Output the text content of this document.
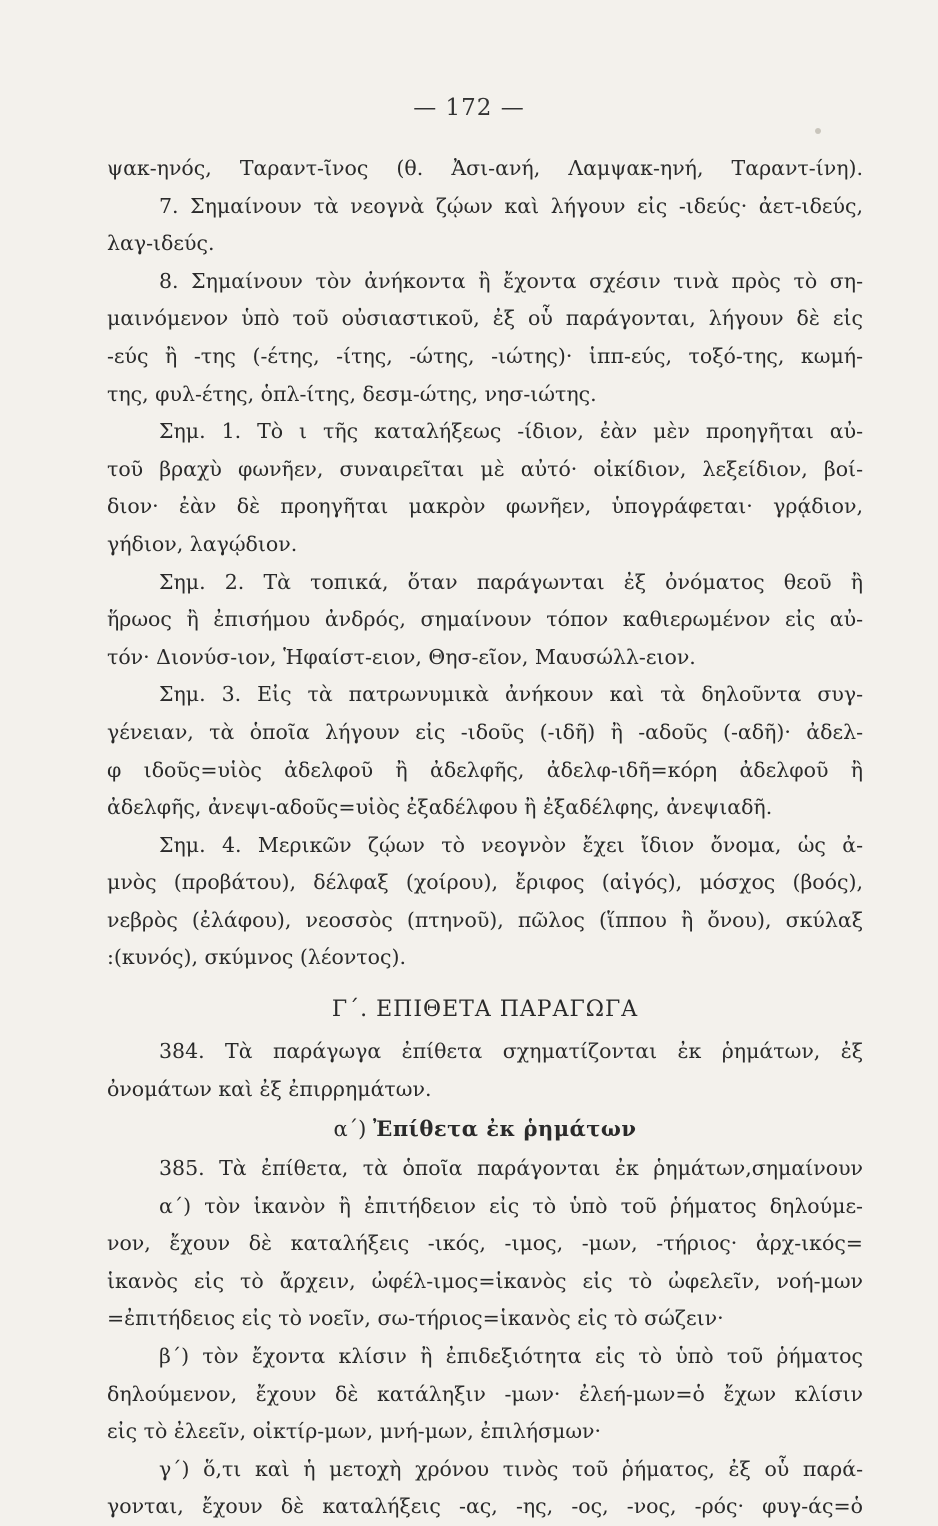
— 172 —
ψακ-ηνός, Ταραντ-ῖνος (θ. Ἀσι-ανή, Λαμψακ-ηνή, Ταραντ-ίνη).
7. Σημαίνουν τὰ νεογνὰ ζῴων καὶ λήγουν εἰς -ιδεύς· ἀετ-ιδεύς,
λαγ-ιδεύς.
8. Σημαίνουν τὸν ἀνήκοντα ἢ ἔχοντα σχέσιν τινὰ πρὸς τὸ ση-
μαινόμενον ὑπὸ τοῦ οὐσιαστικοῦ, ἐξ οὗ παράγονται, λήγουν δὲ εἰς
-εύς ἢ -της (-έτης, -ίτης, -ώτης, -ιώτης)· ἱππ-εύς, τοξό-της, κωμή-
της, φυλ-έτης, ὁπλ-ίτης, δεσμ-ώτης, νησ-ιώτης.
Σημ. 1. Τὸ ι τῆς καταλήξεως -ίδιον, ἐὰν μὲν προηγῆται αὐ-
τοῦ βραχὺ φωνῆεν, συναιρεῖται μὲ αὐτό· οἰκίδιον, λεξείδιον, βοί-
διον· ἐὰν δὲ προηγῆται μακρὸν φωνῆεν, ὑπογράφεται· γρᾴδιον,
γήδιον, λαγῴδιον.
Σημ. 2. Τὰ τοπικά, ὅταν παράγωνται ἐξ ὀνόματος θεοῦ ἢ
ἥρωος ἢ ἐπισήμου ἀνδρός, σημαίνουν τόπον καθιερωμένον εἰς αὐ-
τόν· Διονύσ-ιον, Ἡφαίστ-ειον, Θησ-εῖον, Μαυσώλλ-ειον.
Σημ. 3. Εἰς τὰ πατρωνυμικὰ ἀνήκουν καὶ τὰ δηλοῦντα συγ-
γένειαν, τὰ ὁποῖα λήγουν εἰς -ιδοῦς (-ιδῆ) ἢ -αδοῦς (-αδῆ)· ἀδελ-
φ ιδοῦς=υἱὸς ἀδελφοῦ ἢ ἀδελφῆς, ἀδελφ-ιδῆ=κόρη ἀδελφοῦ ἢ
ἀδελφῆς, ἀνεψι-αδοῦς=υἱὸς ἐξαδέλφου ἢ ἐξαδέλφης, ἀνεψιαδῆ.
Σημ. 4. Μερικῶν ζῴων τὸ νεογνὸν ἔχει ἴδιον ὄνομα, ὡς ἀ-
μνὸς (προβάτου), δέλφαξ (χοίρου), ἔριφος (αἰγός), μόσχος (βοός),
νεβρὸς (ἐλάφου), νεοσσὸς (πτηνοῦ), πῶλος (ἵππου ἢ ὄνου), σκύλαξ
:(κυνός), σκύμνος (λέοντος).
Γ΄. ΕΠΙΘΕΤΑ ΠΑΡΑΓΩΓΑ
384. Τὰ παράγωγα ἐπίθετα σχηματίζονται ἐκ ῥημάτων, ἐξ
ὀνομάτων καὶ ἐξ ἐπιρρημάτων.
α΄) Ἐπίθετα ἐκ ῥημάτων
385. Τὰ ἐπίθετα, τὰ ὁποῖα παράγονται ἐκ ῥημάτων,σημαίνουν
α΄) τὸν ἱκανὸν ἢ ἐπιτήδειον εἰς τὸ ὑπὸ τοῦ ῥήματος δηλούμε-
νον, ἔχουν δὲ καταλήξεις -ικός, -ιμος, -μων, -τήριος· ἀρχ-ικός=
ἱκανὸς εἰς τὸ ἄρχειν, ὠφέλ-ιμος=ἱκανὸς εἰς τὸ ὠφελεῖν, νοή-μων
=ἐπιτήδειος εἰς τὸ νοεῖν, σω-τήριος=ἱκανὸς εἰς τὸ σώζειν·
β΄) τὸν ἔχοντα κλίσιν ἢ ἐπιδεξιότητα εἰς τὸ ὑπὸ τοῦ ῥήματος
δηλούμενον, ἔχουν δὲ κατάληξιν -μων· ἐλεή-μων=ὁ ἔχων κλίσιν
εἰς τὸ ἐλεεῖν, οἰκτίρ-μων, μνή-μων, ἐπιλήσμων·
γ΄) ὅ,τι καὶ ἡ μετοχὴ χρόνου τινὸς τοῦ ῥήματος, ἐξ οὗ παρά-
γονται, ἔχουν δὲ καταλήξεις -ας, -ης, -ος, -νος, -ρός· φυγ-άς=ὁ
